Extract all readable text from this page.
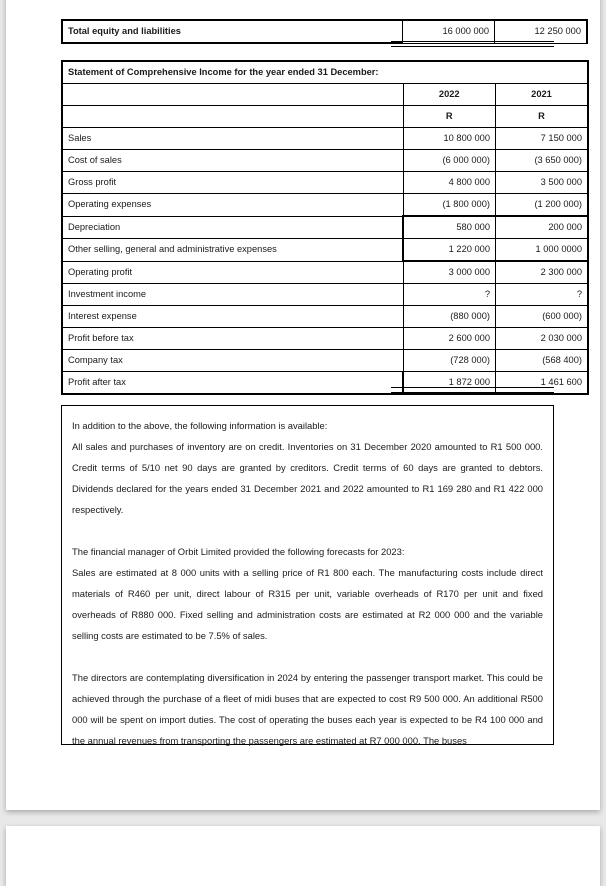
Total equity and liabilities	16 000 000	12 250 000
Statement of Comprehensive Income for the year ended 31 December:		
	2022	2021
	R	R
Sales	10 800 000	7 150 000
Cost of sales	(6 000 000)	(3 650 000)
Gross profit	4 800 000	3 500 000
Operating expenses	(1 800 000)	(1 200 000)
Depreciation	580 000	200 000
Other selling, general and administrative expenses	1 220 000	1 000 0000
Operating profit	3 000 000	2 300 000
Investment income	?	?
Interest expense	(880 000)	(600 000)
Profit before tax	2 600 000	2 030 000
Company tax	(728 000)	(568 400)
Profit after tax	1 872 000	1 461 600

In addition to the above, the following information is available:

All sales and purchases of inventory are on credit. Inventories on 31 December 2020 amounted to R1 500 000. Credit terms of 5/10 net 90 days are granted by creditors. Credit terms of 60 days are granted to debtors. Dividends declared for the years ended 31 December 2021 and 2022 amounted to R1 169 280 and R1 422 000 respectively.

The financial manager of Orbit Limited provided the following forecasts for 2023:

Sales are estimated at 8 000 units with a selling price of R1 800 each. The manufacturing costs include direct materials of R460 per unit, direct labour of R315 per unit, variable overheads of R170 per unit and fixed overheads of R880 000. Fixed selling and administration costs are estimated at R2 000 000 and the variable selling costs are estimated to be 7.5% of sales.

The directors are contemplating diversification in 2024 by entering the passenger transport market. This could be achieved through the purchase of a fleet of midi buses that are expected to cost R9 500 000. An additional R500 000 will be spent on import duties. The cost of operating the buses each year is expected to be R4 100 000 and the annual revenues from transporting the passengers are estimated at R7 000 000. The buses
